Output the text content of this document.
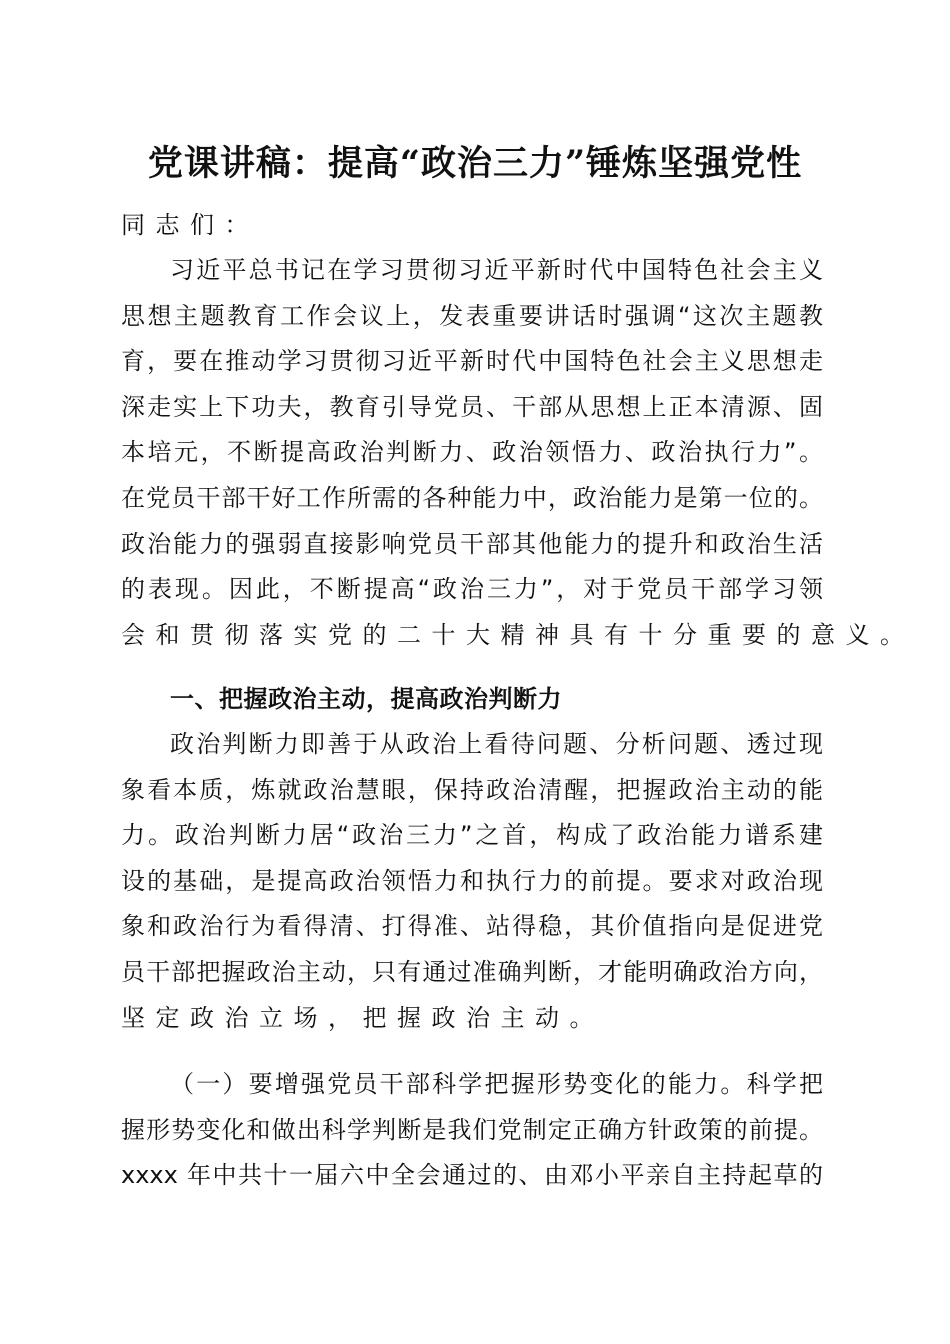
党课讲稿：提高“政治三力”锤炼坚强党性
同志们：
习近平总书记在学习贯彻习近平新时代中国特色社会主义
思想主题教育工作会议上，发表重要讲话时强调“这次主题教
育，要在推动学习贯彻习近平新时代中国特色社会主义思想走
深走实上下功夫，教育引导党员、干部从思想上正本清源、固
本培元，不断提高政治判断力、政治领悟力、政治执行力”。
在党员干部干好工作所需的各种能力中，政治能力是第一位的。
政治能力的强弱直接影响党员干部其他能力的提升和政治生活
的表现。因此，不断提高“政治三力”，对于党员干部学习领
会和贯彻落实党的二十大精神具有十分重要的意义。
一、把握政治主动，提高政治判断力
政治判断力即善于从政治上看待问题、分析问题、透过现
象看本质，炼就政治慧眼，保持政治清醒，把握政治主动的能
力。政治判断力居“政治三力”之首，构成了政治能力谱系建
设的基础，是提高政治领悟力和执行力的前提。要求对政治现
象和政治行为看得清、打得准、站得稳，其价值指向是促进党
员干部把握政治主动，只有通过准确判断，才能明确政治方向，
坚定政治立场，把握政治主动。
（一）要增强党员干部科学把握形势变化的能力。科学把
握形势变化和做出科学判断是我们党制定正确方针政策的前提。
xxxx 年中共十一届六中全会通过的、由邓小平亲自主持起草的
